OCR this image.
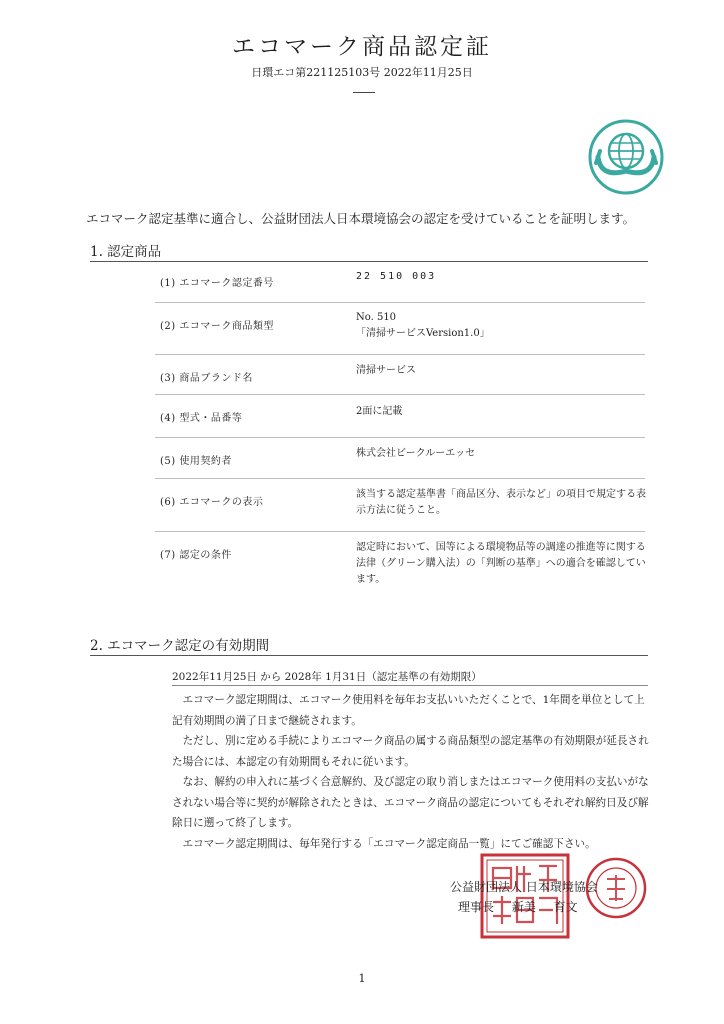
エコマーク商品認定証
日環エコ第221125103号 2022年11月25日
エコマーク認定基準に適合し、公益財団法人日本環境協会の認定を受けていることを証明します。
1. 認定商品
(1) エコマーク認定番号
22 510 003
(2) エコマーク商品類型
No. 510
「清掃サービスVersion1.0」
(3) 商品ブランド名
清掃サービス
(4) 型式・品番等
2面に記載
(5) 使用契約者
株式会社ビークルーエッセ
(6) エコマークの表示
該当する認定基準書「商品区分、表示など」の項目で規定する表示方法に従うこと。
(7) 認定の条件
認定時において、国等による環境物品等の調達の推進等に関する法律（グリーン購入法）の「判断の基準」への適合を確認しています。
2. エコマーク認定の有効期間
2022年11月25日 から 2028年 1月31日（認定基準の有効期限）

エコマーク認定期間は、エコマーク使用料を毎年お支払いいただくことで、1年間を単位として上記有効期間の満了日まで継続されます。

ただし、別に定める手続によりエコマーク商品の属する商品類型の認定基準の有効期限が延長された場合には、本認定の有効期間もそれに従います。

なお、解約の申入れに基づく合意解約、及び認定の取り消しまたはエコマーク使用料の支払いがなされない場合等に契約が解除されたときは、エコマーク商品の認定についてもそれぞれ解約日及び解除日に遡って終了します。

エコマーク認定期間は、毎年発行する「エコマーク認定商品一覧」にてご確認下さい。

公益財団法人 日本環境協会
理事長 新美 育文
1
